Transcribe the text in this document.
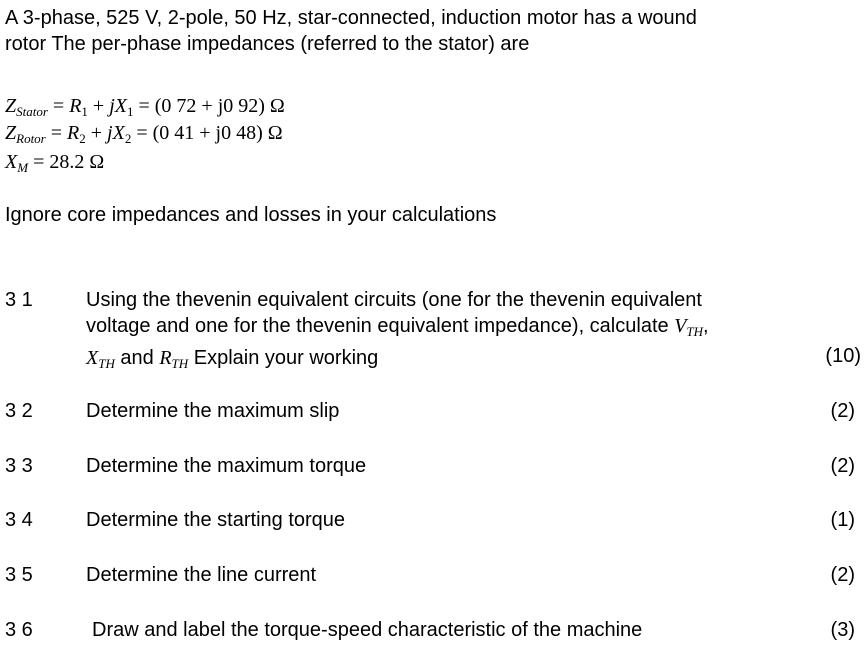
A 3-phase, 525 V, 2-pole, 50 Hz, star-connected, induction motor has a wound
rotor The per-phase impedances (referred to the stator) are
$Z_{Stator} = R_1 + jX_1 = (0$ 72 + j0 92) Ω
$Z_{Rotor} = R_2 + jX_2 = (0$ 41 + j0 48) Ω
$X_M = 28.2$ Ω
Ignore core impedances and losses in your calculations
3 1	Using the thevenin equivalent circuits (one for the thevenin equivalent
voltage and one for the thevenin equivalent impedance), calculate $V_{TH}$,
$X_{TH}$ and $R_{TH}$ Explain your working	(10)
3 2	Determine the maximum slip	(2)
3 3	Determine the maximum torque	(2)
3 4	Determine the starting torque	(1)
3 5	Determine the line current	(2)
3 6	Draw and label the torque-speed characteristic of the machine	(3)
